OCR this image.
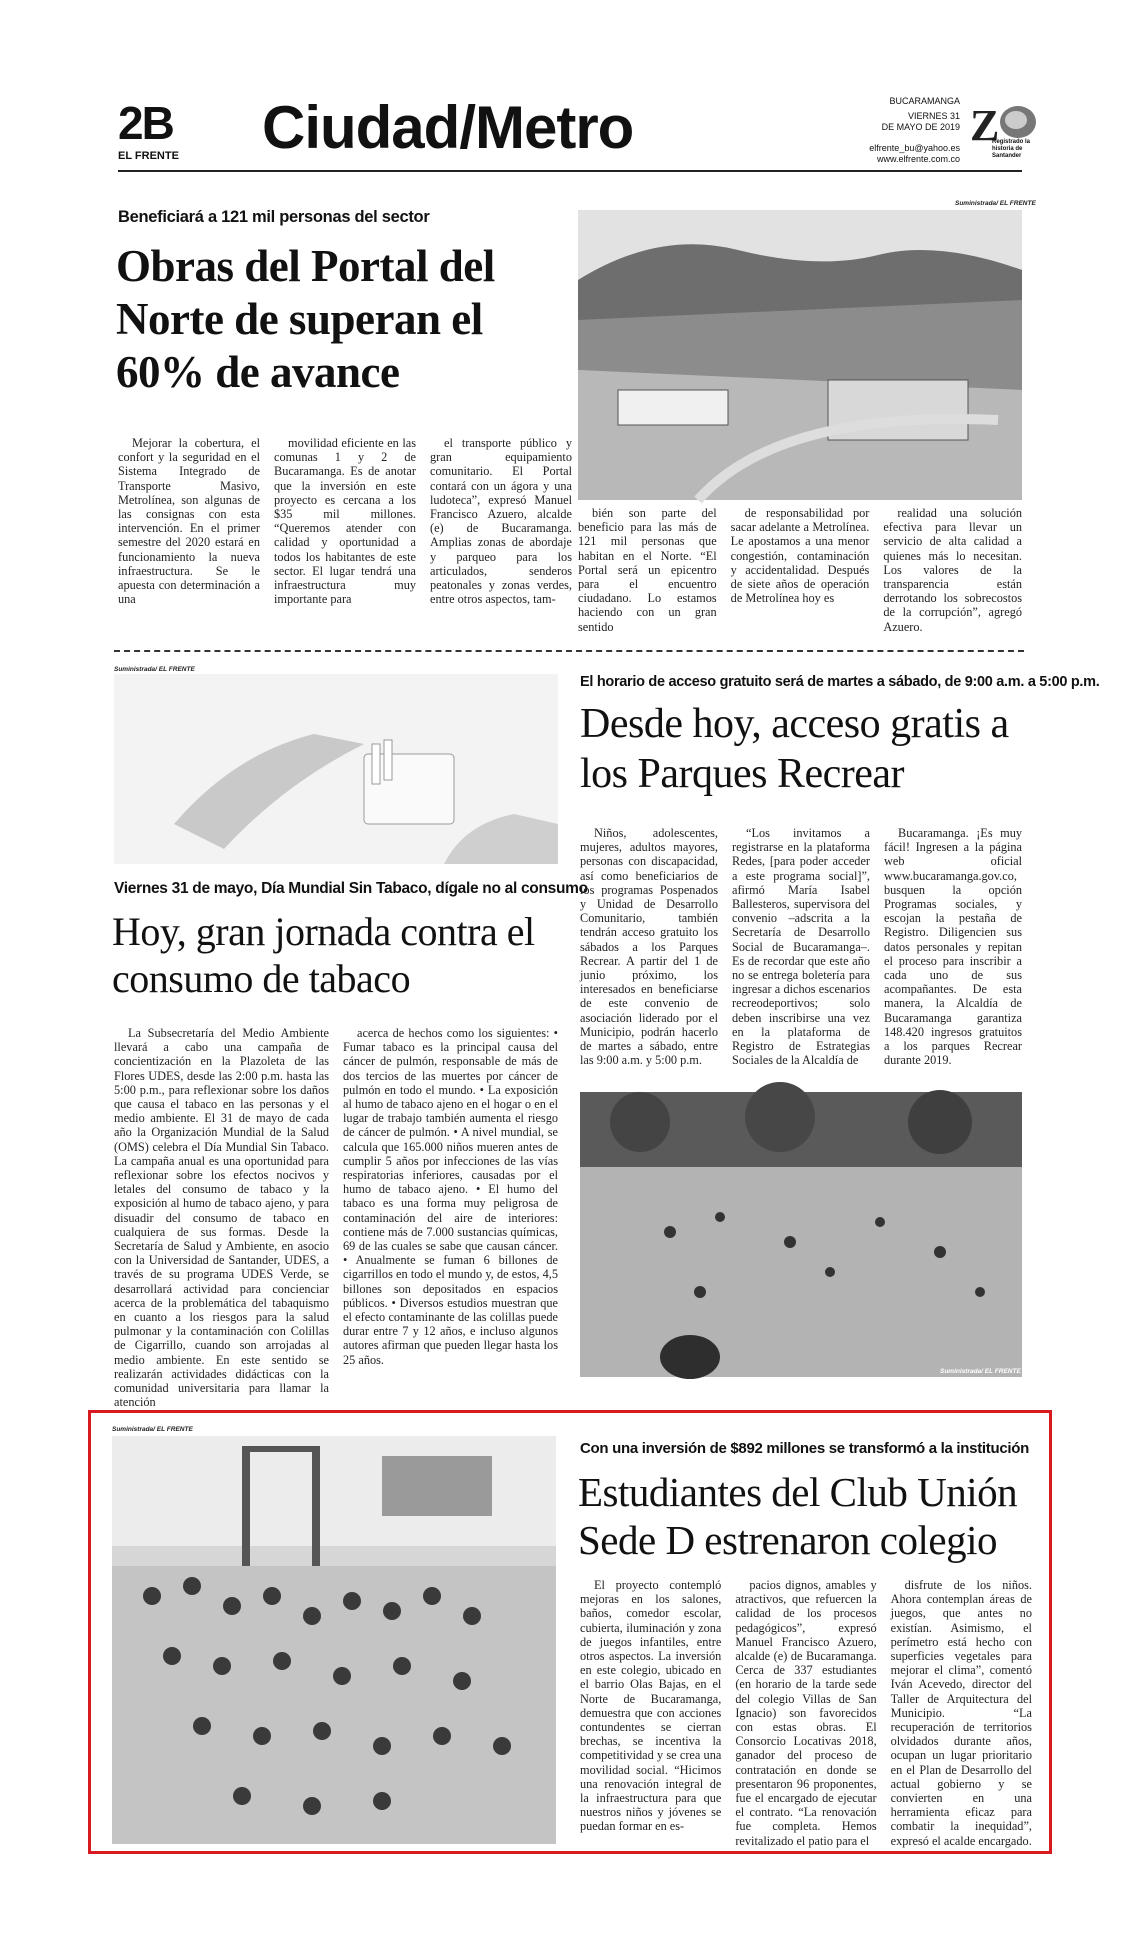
2B
EL FRENTE Ciudad/Metro	BUCARAMANGA
VIERNES 31
DE MAYO DE 2019
elfrente_bu@yahoo.es
www.elfrente.com.co
Z
Registrado la historia de Santander
Beneficiará a 121 mil personas del sector
Obras del Portal del Norte de superan el 60% de avance
Suministrada/ EL FRENTE

Mejorar la cobertura, el confort y la seguridad en el Sistema Integrado de Transporte Masivo, Metrolínea, son algunas de las consignas con esta intervención. En el primer semestre del 2020 estará en funcionamiento la nueva infraestructura. Se le apuesta con determinación a una

movilidad eficiente en las comunas 1 y 2 de Bucaramanga. Es de anotar que la inversión en este proyecto es cercana a los $35 mil millones. “Queremos atender con calidad y oportunidad a todos los habitantes de este sector. El lugar tendrá una infraestructura muy importante para

el transporte público y gran equipamiento comunitario. El Portal contará con un ágora y una ludoteca”, expresó Manuel Francisco Azuero, alcalde (e) de Bucaramanga. Amplias zonas de abordaje y parqueo para los articulados, senderos peatonales y zonas verdes, entre otros aspectos, tam-

bién son parte del beneficio para las más de 121 mil personas que habitan en el Norte. “El Portal será un epicentro para el encuentro ciudadano. Lo estamos haciendo con un gran sentido

de responsabilidad por sacar adelante a Metrolínea. Le apostamos a una menor congestión, contaminación y accidentalidad. Después de siete años de operación de Metrolínea hoy es

realidad una solución efectiva para llevar un servicio de alta calidad a quienes más lo necesitan. Los valores de la transparencia están derrotando los sobrecostos de la corrupción”, agregó Azuero.

Suministrada/ EL FRENTE
Viernes 31 de mayo, Día Mundial Sin Tabaco, dígale no al consumo
Hoy, gran jornada contra el consumo de tabaco

La Subsecretaría del Medio Ambiente llevará a cabo una campaña de concientización en la Plazoleta de las Flores UDES, desde las 2:00 p.m. hasta las 5:00 p.m., para reflexionar sobre los daños que causa el tabaco en las personas y el medio ambiente. El 31 de mayo de cada año la Organización Mundial de la Salud (OMS) celebra el Día Mundial Sin Tabaco. La campaña anual es una oportunidad para reflexionar sobre los efectos nocivos y letales del consumo de tabaco y la exposición al humo de tabaco ajeno, y para disuadir del consumo de tabaco en cualquiera de sus formas. Desde la Secretaría de Salud y Ambiente, en asocio con la Universidad de Santander, UDES, a través de su programa UDES Verde, se desarrollará actividad para concienciar acerca de la problemática del tabaquismo en cuanto a los riesgos para la salud pulmonar y la contaminación con Colillas de Cigarrillo, cuando son arrojadas al medio ambiente. En este sentido se realizarán actividades didácticas con la comunidad universitaria para llamar la atención

acerca de hechos como los siguientes: • Fumar tabaco es la principal causa del cáncer de pulmón, responsable de más de dos tercios de las muertes por cáncer de pulmón en todo el mundo. • La exposición al humo de tabaco ajeno en el hogar o en el lugar de trabajo también aumenta el riesgo de cáncer de pulmón. • A nivel mundial, se calcula que 165.000 niños mueren antes de cumplir 5 años por infecciones de las vías respiratorias inferiores, causadas por el humo de tabaco ajeno. • El humo del tabaco es una forma muy peligrosa de contaminación del aire de interiores: contiene más de 7.000 sustancias químicas, 69 de las cuales se sabe que causan cáncer. • Anualmente se fuman 6 billones de cigarrillos en todo el mundo y, de estos, 4,5 billones son depositados en espacios públicos. • Diversos estudios muestran que el efecto contaminante de las colillas puede durar entre 7 y 12 años, e incluso algunos autores afirman que pueden llegar hasta los 25 años.

El horario de acceso gratuito será de martes a sábado, de 9:00 a.m. a 5:00 p.m.
Desde hoy, acceso gratis a los Parques Recrear

Niños, adolescentes, mujeres, adultos mayores, personas con discapacidad, así como beneficiarios de los programas Pospenados y Unidad de Desarrollo Comunitario, también tendrán acceso gratuito los sábados a los Parques Recrear. A partir del 1 de junio próximo, los interesados en beneficiarse de este convenio de asociación liderado por el Municipio, podrán hacerlo de martes a sábado, entre las 9:00 a.m. y 5:00 p.m.

“Los invitamos a registrarse en la plataforma Redes, [para poder acceder a este programa social]”, afirmó María Isabel Ballesteros, supervisora del convenio –adscrita a la Secretaría de Desarrollo Social de Bucaramanga–. Es de recordar que este año no se entrega boletería para ingresar a dichos escenarios recreodeportivos; solo deben inscribirse una vez en la plataforma de Registro de Estrategias Sociales de la Alcaldía de

Bucaramanga. ¡Es muy fácil! Ingresen a la página web oficial www.bucaramanga.gov.co, busquen la opción Programas sociales, y escojan la pestaña de Registro. Diligencien sus datos personales y repitan el proceso para inscribir a cada uno de sus acompañantes. De esta manera, la Alcaldía de Bucaramanga garantiza 148.420 ingresos gratuitos a los parques Recrear durante 2019.

Suministrada/ EL FRENTE
Suministrada/ EL FRENTE
Con una inversión de $892 millones se transformó a la institución
Estudiantes del Club Unión Sede D estrenaron colegio

El proyecto contempló mejoras en los salones, baños, comedor escolar, cubierta, iluminación y zona de juegos infantiles, entre otros aspectos. La inversión en este colegio, ubicado en el barrio Olas Bajas, en el Norte de Bucaramanga, demuestra que con acciones contundentes se cierran brechas, se incentiva la competitividad y se crea una movilidad social. “Hicimos una renovación integral de la infraestructura para que nuestros niños y jóvenes se puedan formar en es-

pacios dignos, amables y atractivos, que refuercen la calidad de los procesos pedagógicos”, expresó Manuel Francisco Azuero, alcalde (e) de Bucaramanga. Cerca de 337 estudiantes (en horario de la tarde sede del colegio Villas de San Ignacio) son favorecidos con estas obras. El Consorcio Locativas 2018, ganador del proceso de contratación en donde se presentaron 96 proponentes, fue el encargado de ejecutar el contrato. “La renovación fue completa. Hemos revitalizado el patio para el

disfrute de los niños. Ahora contemplan áreas de juegos, que antes no existían. Asimismo, el perímetro está hecho con superficies vegetales para mejorar el clima”, comentó Iván Acevedo, director del Taller de Arquitectura del Municipio. “La recuperación de territorios olvidados durante años, ocupan un lugar prioritario en el Plan de Desarrollo del actual gobierno y se convierten en una herramienta eficaz para combatir la inequidad”, expresó el acalde encargado.
